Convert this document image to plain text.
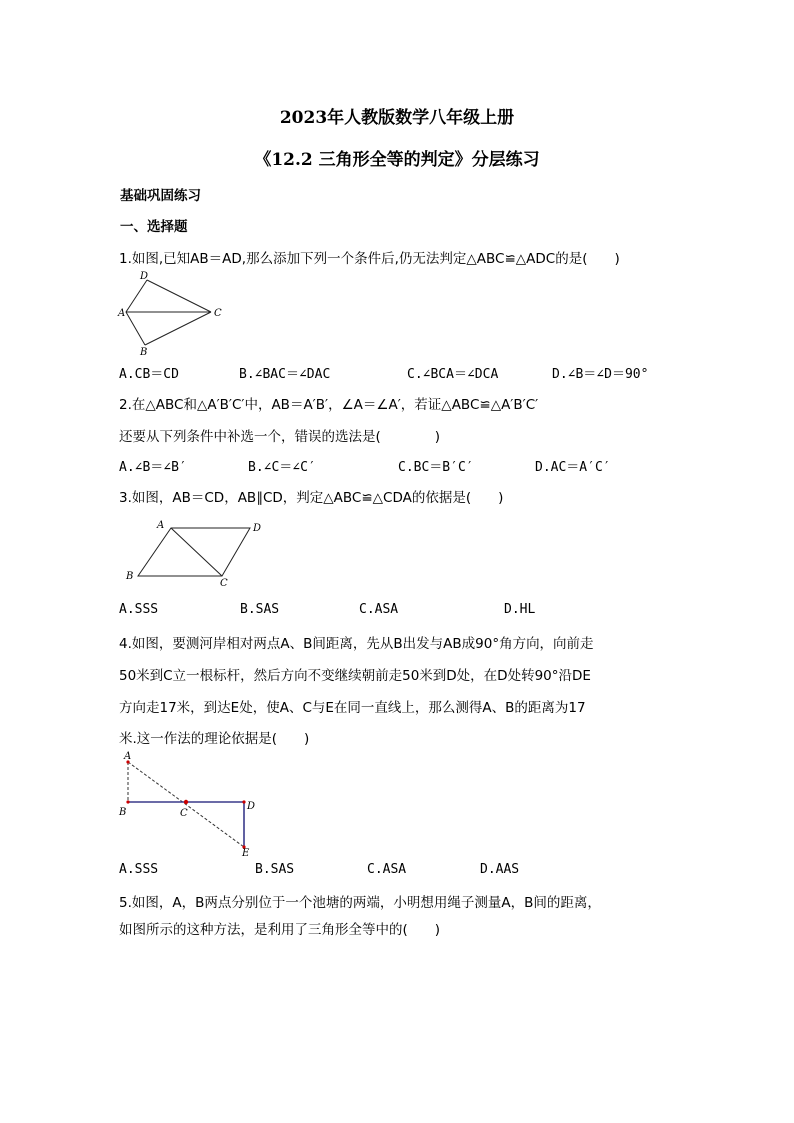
2023年人教版数学八年级上册
《12.2 三角形全等的判定》分层练习
基础巩固练习
一、选择题
1.如图,已知AB＝AD,那么添加下列一个条件后,仍无法判定△ABC≌△ADC的是(　　)
D
A	C
B
A.CB＝CD	B.∠BAC＝∠DAC	C.∠BCA＝∠DCA	D.∠B＝∠D＝90°
2.在△ABC和△A′B′C′中，AB＝A′B′，∠A＝∠A′，若证△ABC≌△A′B′C′
还要从下列条件中补选一个，错误的选法是(　　　　)
A.∠B＝∠B′	B.∠C＝∠C′	C.BC＝B′C′	D.AC＝A′C′
3.如图，AB＝CD，AB∥CD，判定△ABC≌△CDA的依据是(　　)
A	D
B
C
A.SSS	B.SAS	C.ASA	D.HL
4.如图，要测河岸相对两点A、B间距离，先从B出发与AB成90°角方向，向前走
50米到C立一根标杆，然后方向不变继续朝前走50米到D处，在D处转90°沿DE
方向走17米，到达E处，使A、C与E在同一直线上，那么测得A、B的距离为17
米.这一作法的理论依据是(　　)
A
B	C
D
E
A.SSS	B.SAS	C.ASA	D.AAS
5.如图，A，B两点分别位于一个池塘的两端，小明想用绳子测量A，B间的距离，
如图所示的这种方法，是利用了三角形全等中的(　　)
